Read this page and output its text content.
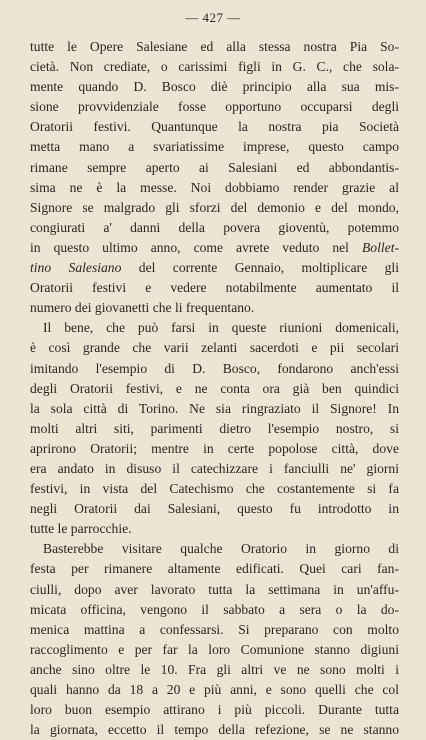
— 427 —
tutte le Opere Salesiane ed alla stessa nostra Pia So-
cietà. Non crediate, o carissimi figli in G. C., che sola-
mente quando D. Bosco diè principio alla sua mis-
sione provvidenziale fosse opportuno occuparsi degli
Oratorii festivi. Quantunque la nostra pia Società
metta mano a svariatissime imprese, questo campo
rimane sempre aperto ai Salesiani ed abbondantis-
sima ne è la messe. Noi dobbiamo render grazie al
Signore se malgrado gli sforzi del demonio e del mondo,
congiurati a' danni della povera gioventù, potemmo
in questo ultimo anno, come avrete veduto nel Bollet-
tino Salesiano del corrente Gennaio, moltiplicare gli
Oratorii festivi e vedere notabilmente aumentato il
numero dei giovanetti che li frequentano.
Il bene, che può farsi in queste riunioni domenicali,
è così grande che varii zelanti sacerdoti e pii secolari
imitando l'esempio di D. Bosco, fondarono anch'essi
degli Oratorii festivi, e ne conta ora già ben quindici
la sola città di Torino. Ne sia ringraziato il Signore! In
molti altri siti, parimenti dietro l'esempio nostro, si
aprirono Oratorii; mentre in certe popolose città, dove
era andato in disuso il catechizzare i fanciulli ne' giorni
festivi, in vista del Catechismo che costantemente si fa
negli Oratorii dai Salesiani, questo fu introdotto in
tutte le parrocchie.
Basterebbe visitare qualche Oratorio in giorno di
festa per rimanere altamente edificati. Quei cari fan-
ciulli, dopo aver lavorato tutta la settimana in un'affu-
micata officina, vengono il sabbato a sera o la do-
menica mattina a confessarsi. Si preparano con molto
raccoglimento e per far la loro Comunione stanno digiuni
anche sino oltre le 10. Fra gli altri ve ne sono molti i
quali hanno da 18 a 20 e più anni, e sono quelli che col
loro buon esempio attirano i più piccoli. Durante tutta
la giornata, eccetto il tempo della refezione, se ne stanno
